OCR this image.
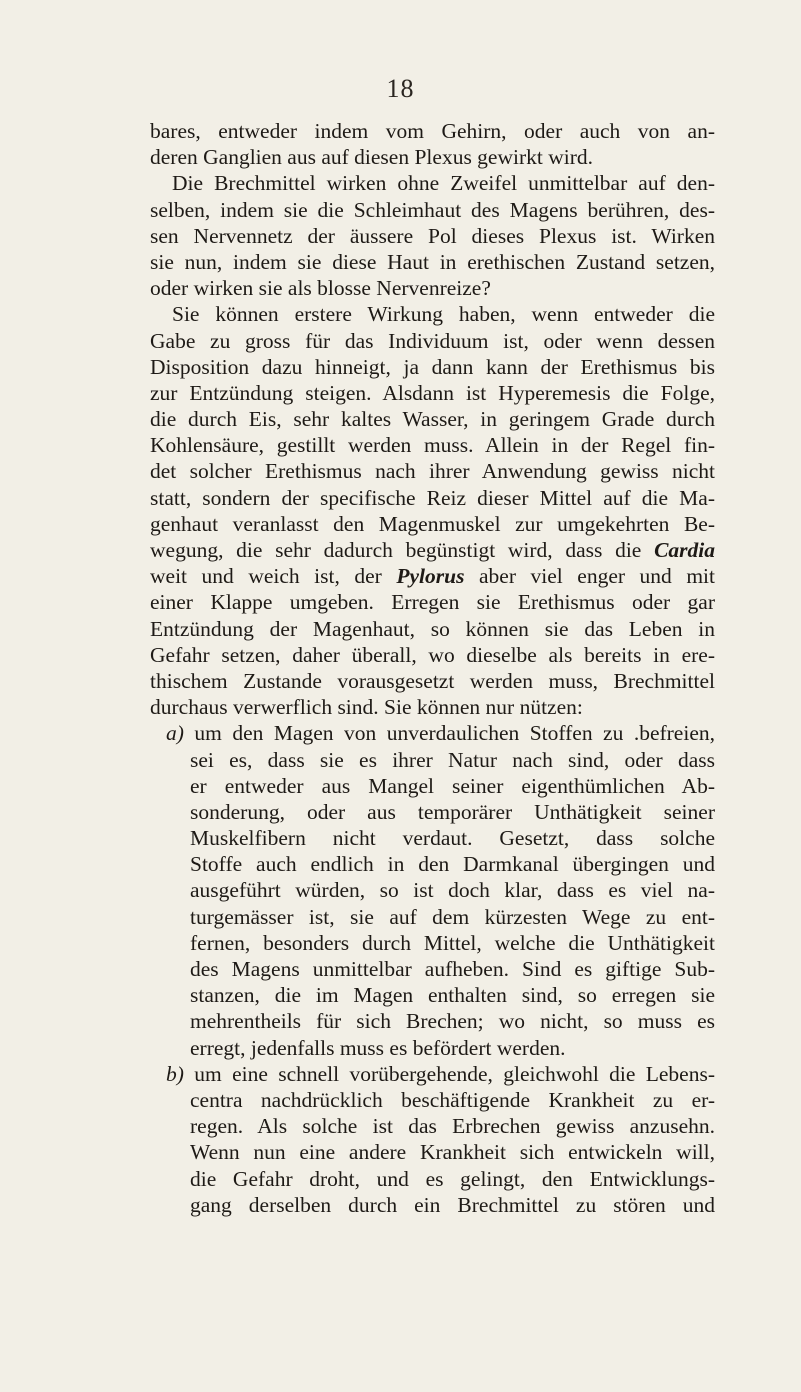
18
bares, entweder indem vom Gehirn, oder auch von an-
deren Ganglien aus auf diesen Plexus gewirkt wird.
Die Brechmittel wirken ohne Zweifel unmittelbar auf den-
selben, indem sie die Schleimhaut des Magens berühren, des-
sen Nervennetz der äussere Pol dieses Plexus ist. Wirken
sie nun, indem sie diese Haut in erethischen Zustand setzen,
oder wirken sie als blosse Nervenreize?
Sie können erstere Wirkung haben, wenn entweder die
Gabe zu gross für das Individuum ist, oder wenn dessen
Disposition dazu hinneigt, ja dann kann der Erethismus bis
zur Entzündung steigen. Alsdann ist Hyperemesis die Folge,
die durch Eis, sehr kaltes Wasser, in geringem Grade durch
Kohlensäure, gestillt werden muss. Allein in der Regel fin-
det solcher Erethismus nach ihrer Anwendung gewiss nicht
statt, sondern der specifische Reiz dieser Mittel auf die Ma-
genhaut veranlasst den Magenmuskel zur umgekehrten Be-
wegung, die sehr dadurch begünstigt wird, dass die Cardia
weit und weich ist, der Pylorus aber viel enger und mit
einer Klappe umgeben. Erregen sie Erethismus oder gar
Entzündung der Magenhaut, so können sie das Leben in
Gefahr setzen, daher überall, wo dieselbe als bereits in ere-
thischem Zustande vorausgesetzt werden muss, Brechmittel
durchaus verwerflich sind. Sie können nur nützen:
a) um den Magen von unverdaulichen Stoffen zu .befreien,
sei es, dass sie es ihrer Natur nach sind, oder dass
er entweder aus Mangel seiner eigenthümlichen Ab-
sonderung, oder aus temporärer Unthätigkeit seiner
Muskelfibern nicht verdaut. Gesetzt, dass solche
Stoffe auch endlich in den Darmkanal übergingen und
ausgeführt würden, so ist doch klar, dass es viel na-
turgemässer ist, sie auf dem kürzesten Wege zu ent-
fernen, besonders durch Mittel, welche die Unthätigkeit
des Magens unmittelbar aufheben. Sind es giftige Sub-
stanzen, die im Magen enthalten sind, so erregen sie
mehrentheils für sich Brechen; wo nicht, so muss es
erregt, jedenfalls muss es befördert werden.
b) um eine schnell vorübergehende, gleichwohl die Lebens-
centra nachdrücklich beschäftigende Krankheit zu er-
regen. Als solche ist das Erbrechen gewiss anzusehn.
Wenn nun eine andere Krankheit sich entwickeln will,
die Gefahr droht, und es gelingt, den Entwicklungs-
gang derselben durch ein Brechmittel zu stören und
